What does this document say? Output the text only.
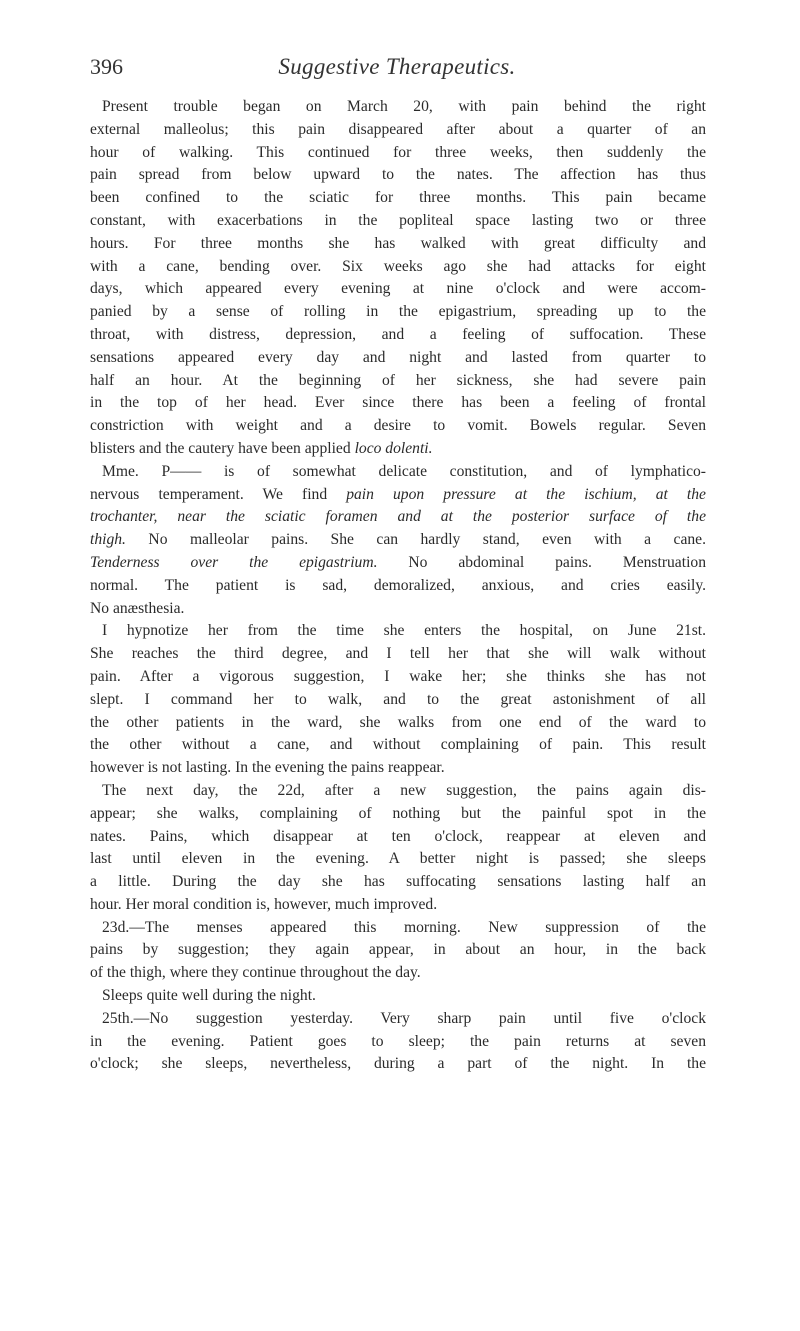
396	Suggestive Therapeutics.
Present trouble began on March 20, with pain behind the right
external malleolus; this pain disappeared after about a quarter of an
hour of walking. This continued for three weeks, then suddenly the
pain spread from below upward to the nates. The affection has thus
been confined to the sciatic for three months. This pain became
constant, with exacerbations in the popliteal space lasting two or three
hours. For three months she has walked with great difficulty and
with a cane, bending over. Six weeks ago she had attacks for eight
days, which appeared every evening at nine o'clock and were accom-
panied by a sense of rolling in the epigastrium, spreading up to the
throat, with distress, depression, and a feeling of suffocation. These
sensations appeared every day and night and lasted from quarter to
half an hour. At the beginning of her sickness, she had severe pain
in the top of her head. Ever since there has been a feeling of frontal
constriction with weight and a desire to vomit. Bowels regular. Seven
blisters and the cautery have been applied loco dolenti.
Mme. P—— is of somewhat delicate constitution, and of lymphatico-
nervous temperament. We find pain upon pressure at the ischium, at the
trochanter, near the sciatic foramen and at the posterior surface of the
thigh. No malleolar pains. She can hardly stand, even with a cane.
Tenderness over the epigastrium. No abdominal pains. Menstruation
normal. The patient is sad, demoralized, anxious, and cries easily.
No anæsthesia.
I hypnotize her from the time she enters the hospital, on June 21st.
She reaches the third degree, and I tell her that she will walk without
pain. After a vigorous suggestion, I wake her; she thinks she has not
slept. I command her to walk, and to the great astonishment of all
the other patients in the ward, she walks from one end of the ward to
the other without a cane, and without complaining of pain. This result
however is not lasting. In the evening the pains reappear.
The next day, the 22d, after a new suggestion, the pains again dis-
appear; she walks, complaining of nothing but the painful spot in the
nates. Pains, which disappear at ten o'clock, reappear at eleven and
last until eleven in the evening. A better night is passed; she sleeps
a little. During the day she has suffocating sensations lasting half an
hour. Her moral condition is, however, much improved.
23d.—The menses appeared this morning. New suppression of the
pains by suggestion; they again appear, in about an hour, in the back
of the thigh, where they continue throughout the day.
Sleeps quite well during the night.
25th.—No suggestion yesterday. Very sharp pain until five o'clock
in the evening. Patient goes to sleep; the pain returns at seven
o'clock; she sleeps, nevertheless, during a part of the night. In the
